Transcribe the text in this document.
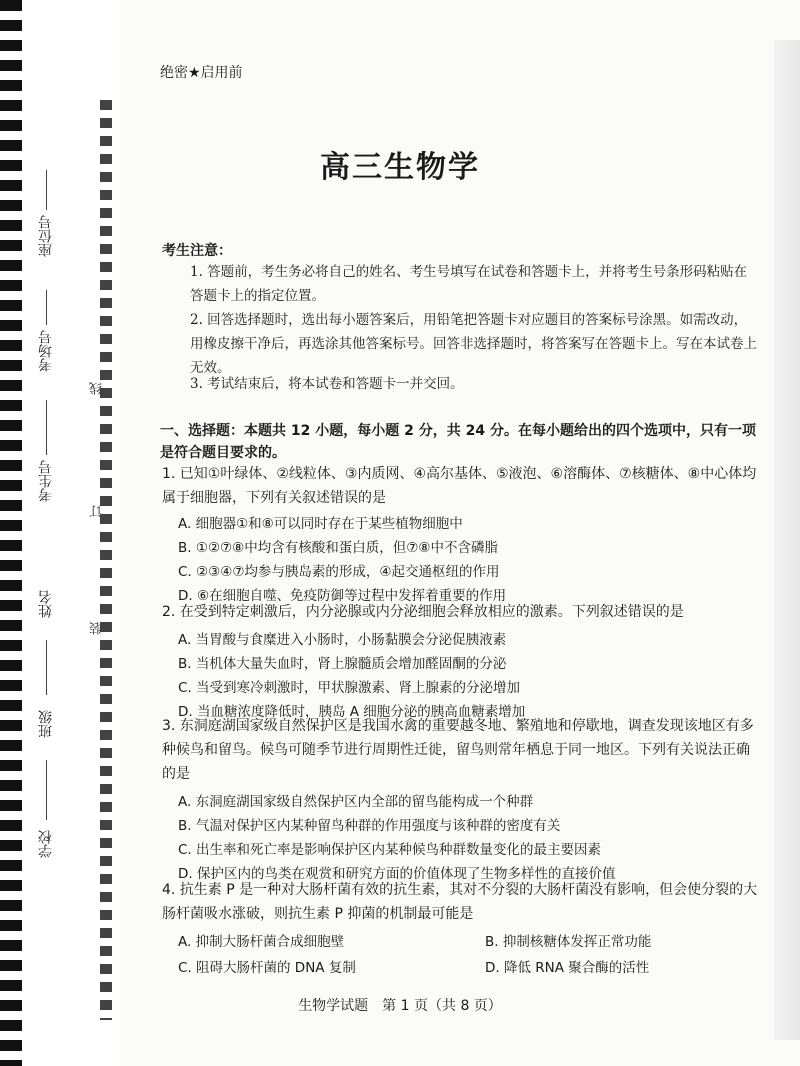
座位号
考场号
考生号
姓名
班级
学校
线
订
装
绝密★启用前
高三生物学
考生注意：
1. 答题前，考生务必将自己的姓名、考生号填写在试卷和答题卡上，并将考生号条形码粘贴在答题卡上的指定位置。
2. 回答选择题时，选出每小题答案后，用铅笔把答题卡对应题目的答案标号涂黑。如需改动，用橡皮擦干净后，再选涂其他答案标号。回答非选择题时，将答案写在答题卡上。写在本试卷上无效。
3. 考试结束后，将本试卷和答题卡一并交回。
一、选择题：本题共 12 小题，每小题 2 分，共 24 分。在每小题给出的四个选项中，只有一项是符合题目要求的。
1. 已知①叶绿体、②线粒体、③内质网、④高尔基体、⑤液泡、⑥溶酶体、⑦核糖体、⑧中心体均属于细胞器，下列有关叙述错误的是
A. 细胞器①和⑧可以同时存在于某些植物细胞中
B. ①②⑦⑧中均含有核酸和蛋白质，但⑦⑧中不含磷脂
C. ②③④⑦均参与胰岛素的形成，④起交通枢纽的作用
D. ⑥在细胞自噬、免疫防御等过程中发挥着重要的作用
2. 在受到特定刺激后，内分泌腺或内分泌细胞会释放相应的激素。下列叙述错误的是
A. 当胃酸与食糜进入小肠时，小肠黏膜会分泌促胰液素
B. 当机体大量失血时，肾上腺髓质会增加醛固酮的分泌
C. 当受到寒冷刺激时，甲状腺激素、肾上腺素的分泌增加
D. 当血糖浓度降低时，胰岛 A 细胞分泌的胰高血糖素增加
3. 东洞庭湖国家级自然保护区是我国水禽的重要越冬地、繁殖地和停歇地，调查发现该地区有多种候鸟和留鸟。候鸟可随季节进行周期性迁徙，留鸟则常年栖息于同一地区。下列有关说法正确的是
A. 东洞庭湖国家级自然保护区内全部的留鸟能构成一个种群
B. 气温对保护区内某种留鸟种群的作用强度与该种群的密度有关
C. 出生率和死亡率是影响保护区内某种候鸟种群数量变化的最主要因素
D. 保护区内的鸟类在观赏和研究方面的价值体现了生物多样性的直接价值
4. 抗生素 P 是一种对大肠杆菌有效的抗生素，其对不分裂的大肠杆菌没有影响，但会使分裂的大肠杆菌吸水涨破，则抗生素 P 抑菌的机制最可能是
A. 抑制大肠杆菌合成细胞壁	B. 抑制核糖体发挥正常功能
C. 阻碍大肠杆菌的 DNA 复制	D. 降低 RNA 聚合酶的活性
生物学试题　第 1 页（共 8 页）
